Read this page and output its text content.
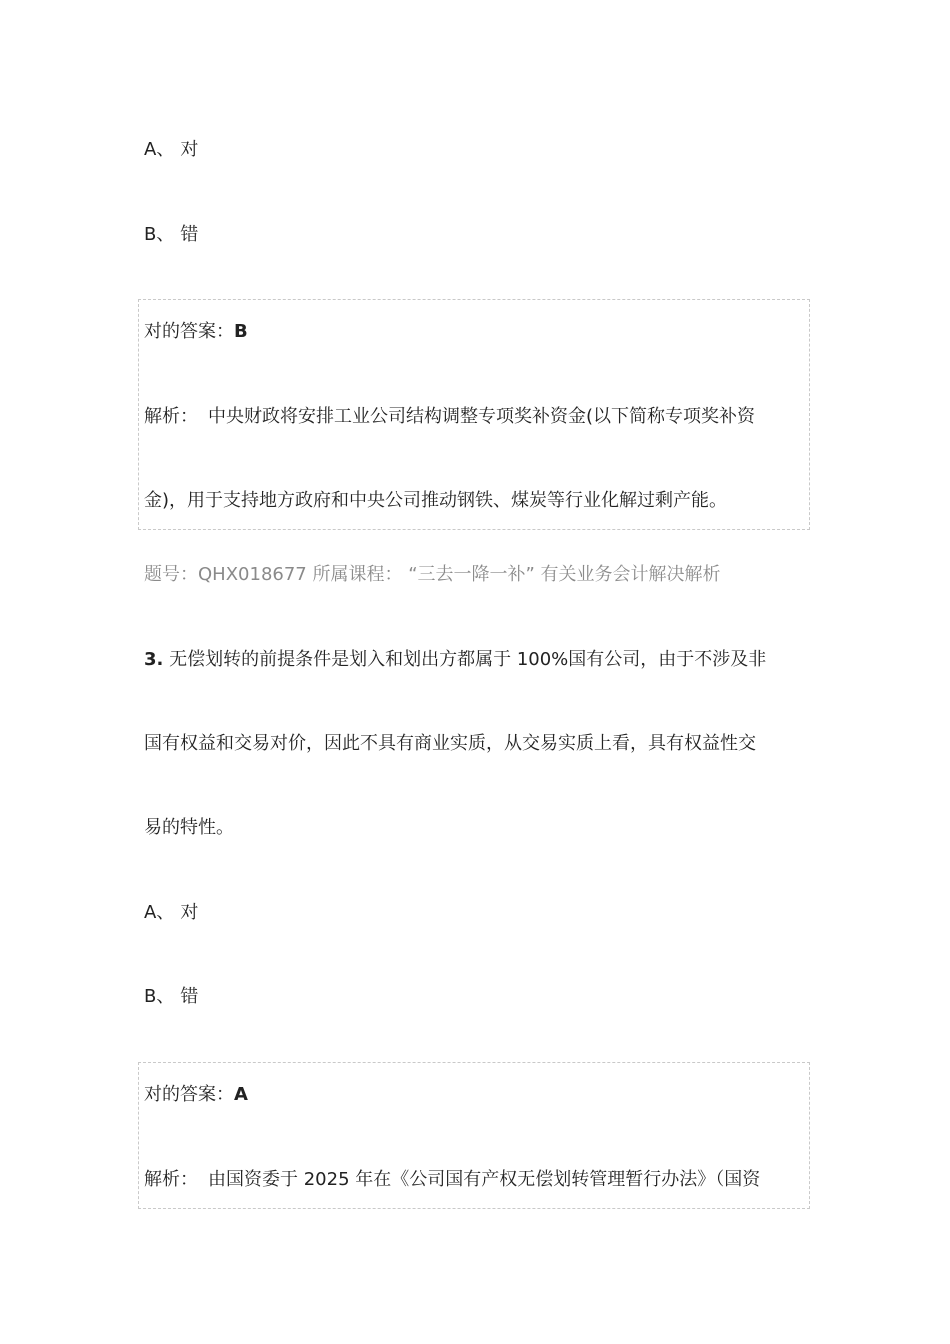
A、 对
B、 错
对的答案：B
解析： 中央财政将安排工业公司结构调整专项奖补资金(以下简称专项奖补资
金)，用于支持地方政府和中央公司推动钢铁、煤炭等行业化解过剩产能。
题号：QHX018677 所属课程： “三去一降一补” 有关业务会计解决解析
3. 无偿划转的前提条件是划入和划出方都属于 100%国有公司，由于不涉及非
国有权益和交易对价，因此不具有商业实质，从交易实质上看，具有权益性交
易的特性。
A、 对
B、 错
对的答案：A
解析： 由国资委于 2025 年在《公司国有产权无偿划转管理暂行办法》（国资
